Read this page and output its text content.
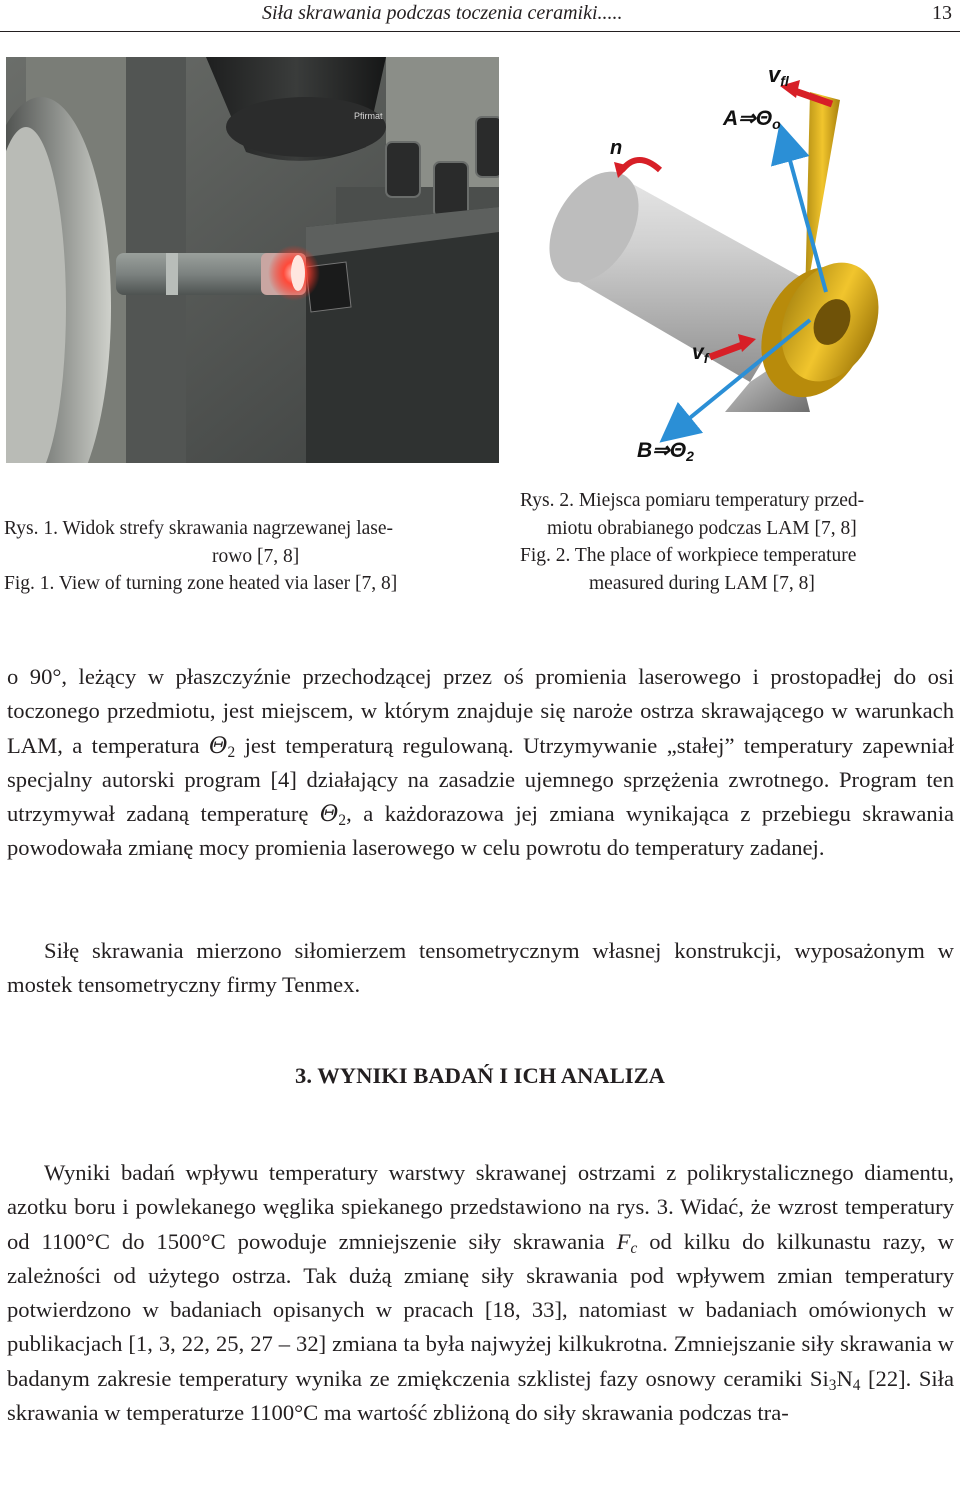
Siła skrawania podczas toczenia ceramiki.....	13
Pfirmat
n
vfl
A⇒Θo
vf
B⇒Θ2
Rys. 1. Widok strefy skrawania nagrzewanej lase-
rowo [7, 8]
Fig. 1. View of turning zone heated via laser [7, 8]
Rys. 2. Miejsca pomiaru temperatury przed-
miotu obrabianego podczas LAM [7, 8]
Fig. 2. The place of workpiece temperature
measured during LAM [7, 8]

o 90°, leżący w płaszczyźnie przechodzącej przez oś promienia laserowego i prostopadłej do osi toczonego przedmiotu, jest miejscem, w którym znajduje się naroże ostrza skrawającego w warunkach LAM, a temperatura $\Theta_2$ jest temperaturą regulowaną. Utrzymywanie „stałej” temperatury zapewniał specjalny autorski program [4] działający na zasadzie ujemnego sprzężenia zwrotnego. Program ten utrzymywał zadaną temperaturę $\Theta_2$, a każdorazowa jej zmiana wynikająca z przebiegu skrawania powodowała zmianę mocy promienia laserowego w celu powrotu do temperatury zadanej.

Siłę skrawania mierzono siłomierzem tensometrycznym własnej konstrukcji, wyposażonym w mostek tensometryczny firmy Tenmex.

3. WYNIKI BADAŃ I ICH ANALIZA

Wyniki badań wpływu temperatury warstwy skrawanej ostrzami z polikrystalicznego diamentu, azotku boru i powlekanego węglika spiekanego przedstawiono na rys. 3. Widać, że wzrost temperatury od 1100°C do 1500°C powoduje zmniejszenie siły skrawania $F_c$ od kilku do kilkunastu razy, w zależności od użytego ostrza. Tak dużą zmianę siły skrawania pod wpływem zmian temperatury potwierdzono w badaniach opisanych w pracach [18, 33], natomiast w badaniach omówionych w publikacjach [1, 3, 22, 25, 27 – 32] zmiana ta była najwyżej kilkukrotna. Zmniejszanie siły skrawania w badanym zakresie temperatury wynika ze zmiękczenia szklistej fazy osnowy ceramiki $Si_3N_4$ [22]. Siła skrawania w temperaturze 1100°C ma wartość zbliżoną do siły skrawania podczas tra-
